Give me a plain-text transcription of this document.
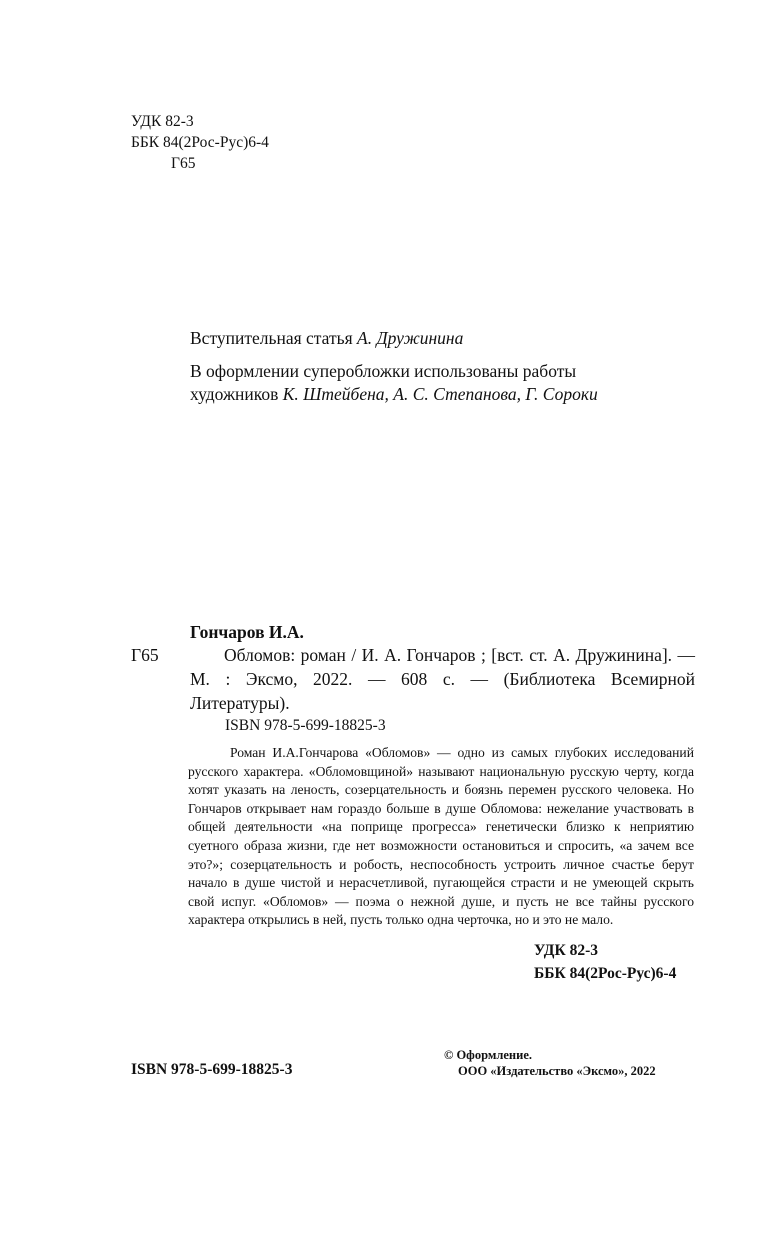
УДК 82-3
ББК 84(2Рос-Рус)6-4
Г65
Вступительная статья А. Дружинина
В оформлении суперобложки использованы работы
художников К. Штейбена, А. С. Степанова, Г. Сороки
Гончаров И.А.
Г65	Обломов: роман / И. А. Гончаров ; [вст. ст. А. Дружинина]. — М. : Эксмо, 2022. — 608 с. — (Библиотека Всемирной Литературы).

ISBN 978-5-699-18825-3

Роман И.А.Гончарова «Обломов» — одно из самых глубоких исследований русского характера. «Обломовщиной» называют национальную русскую черту, когда хотят указать на леность, созерцательность и боязнь перемен русского человека. Но Гончаров открывает нам гораздо больше в душе Обломова: нежелание участвовать в общей деятельности «на поприще прогресса» генетически близко к неприятию суетного образа жизни, где нет возможности остановиться и спросить, «а зачем все это?»; созерцательность и робость, неспособность устроить личное счастье берут начало в душе чистой и нерасчетливой, пугающейся страсти и не умеющей скрыть свой испуг. «Обломов» — поэма о нежной душе, и пусть не все тайны русского характера открылись в ней, пусть только одна черточка, но и это не мало.

УДК 82-3
ББК 84(2Рос-Рус)6-4
ISBN 978-5-699-18825-3
© Оформление.
ООО «Издательство «Эксмо», 2022
